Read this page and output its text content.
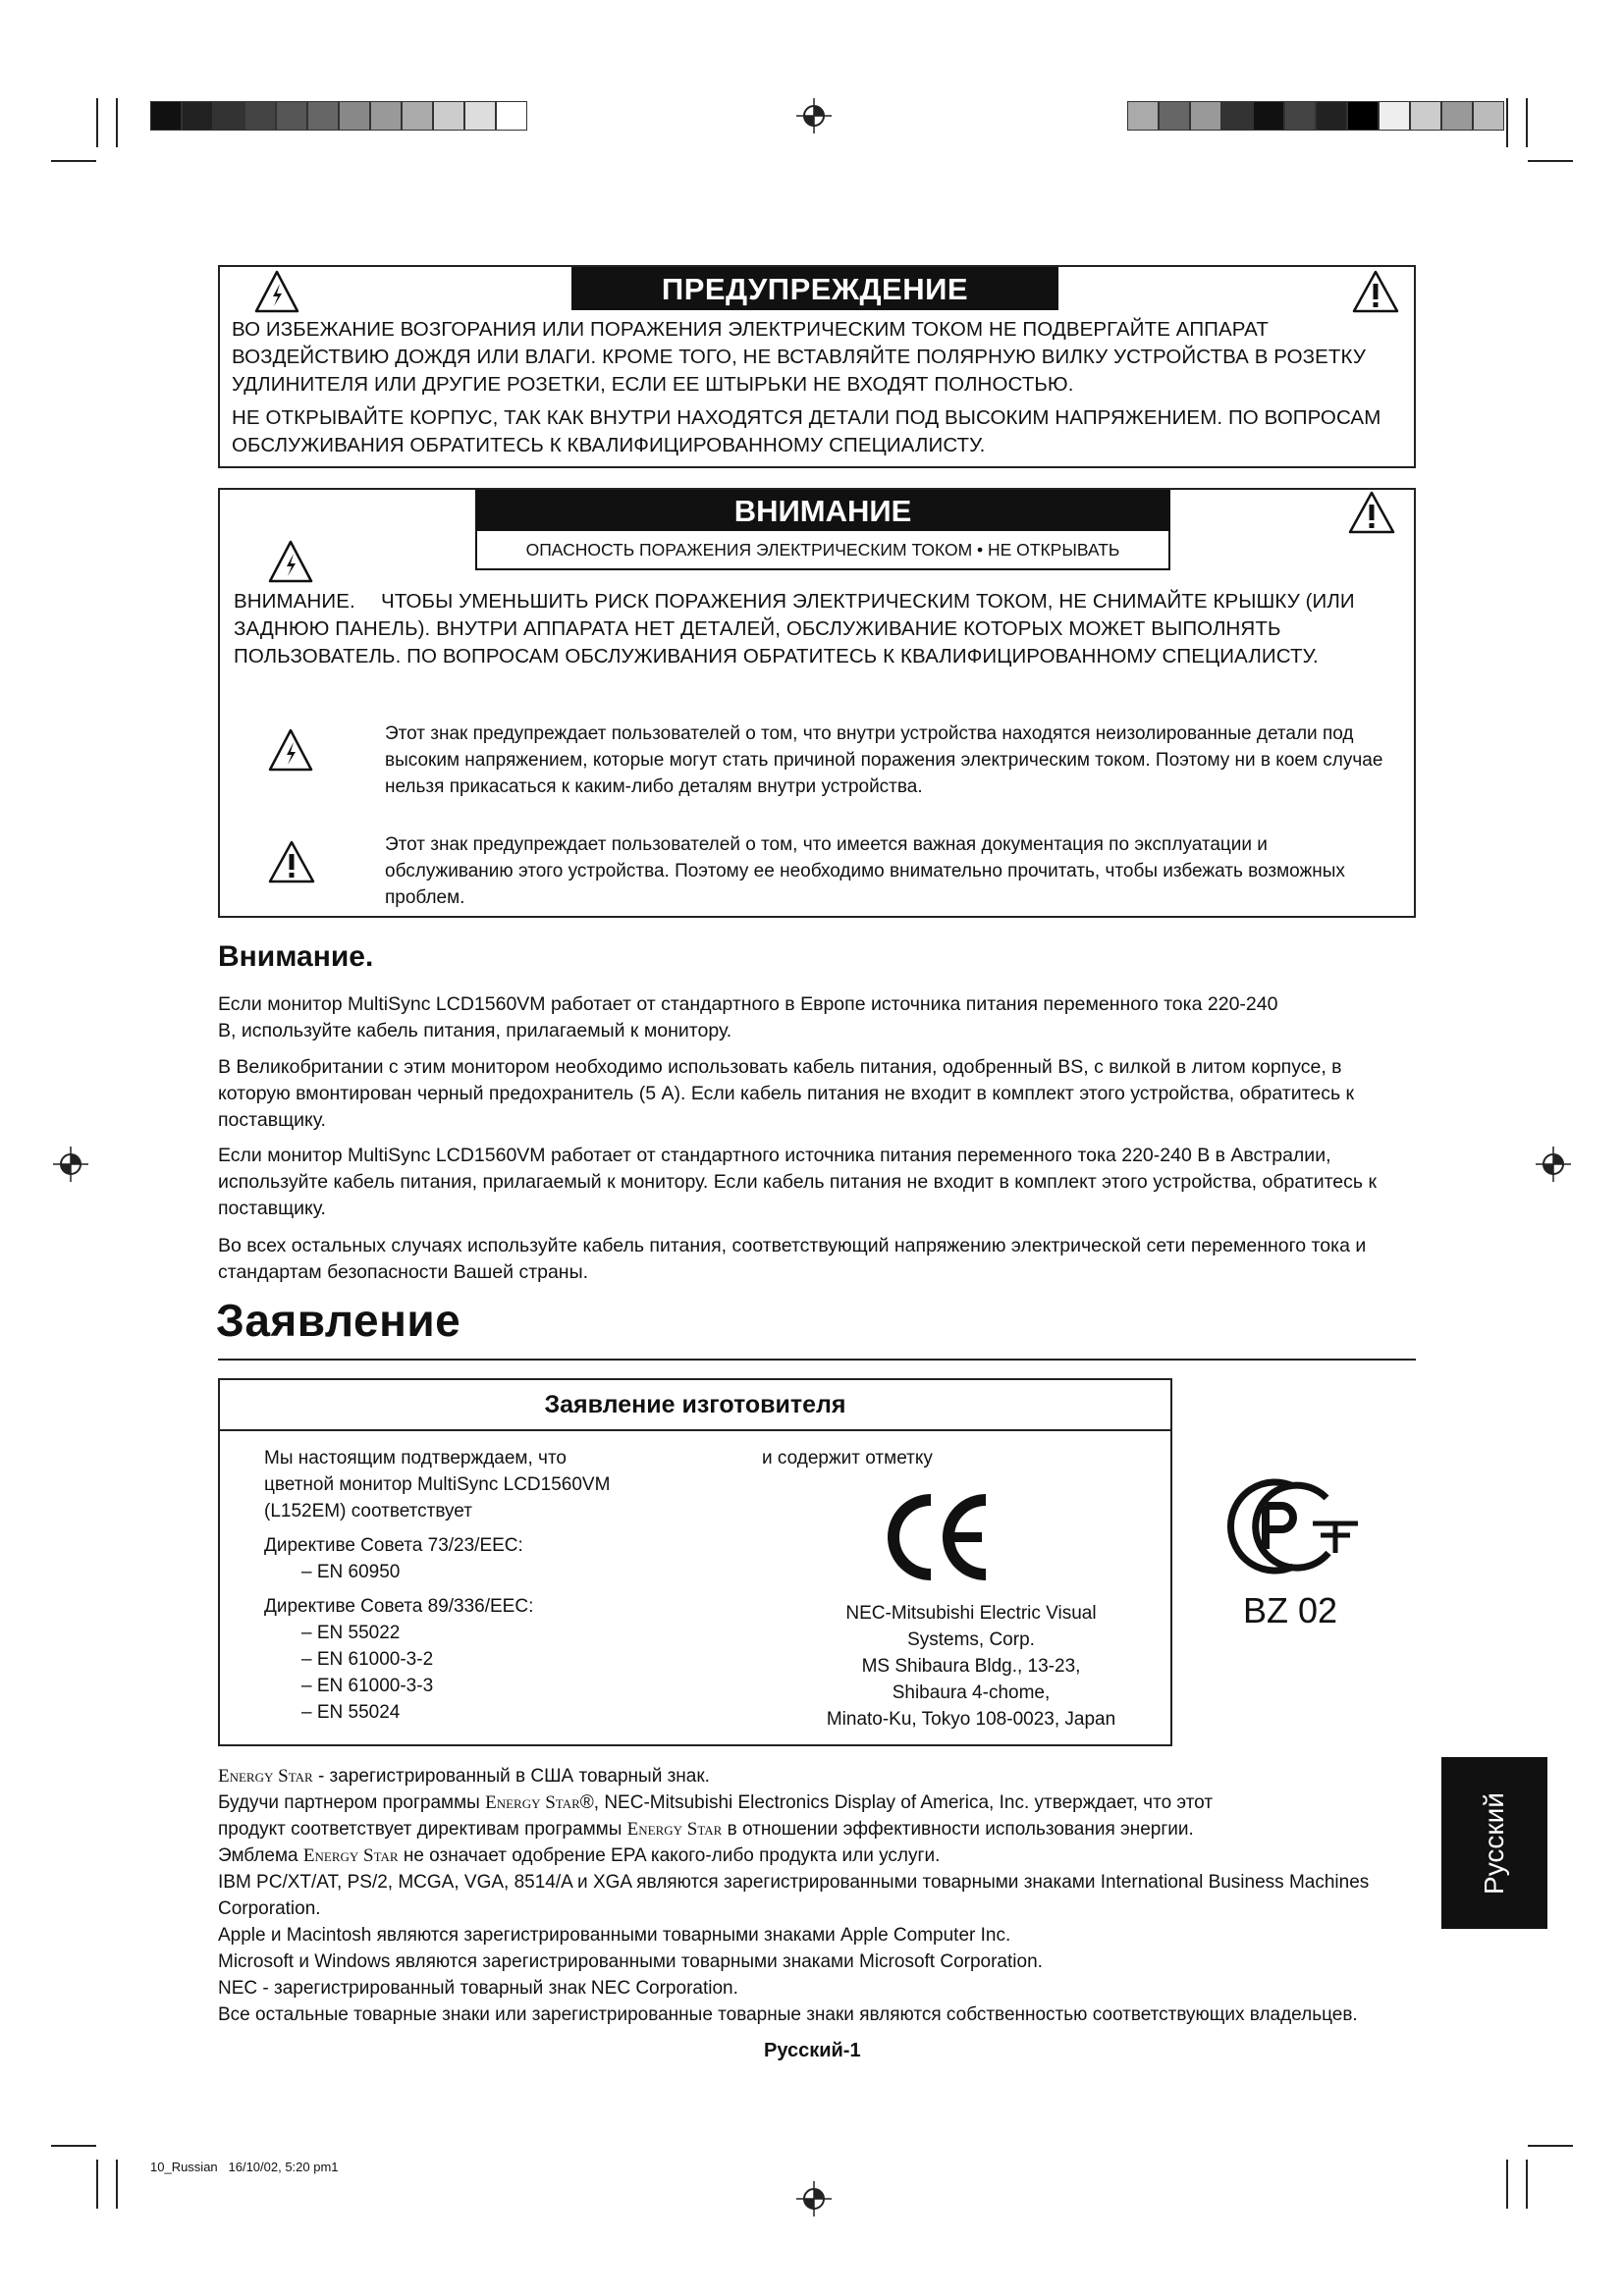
ПРЕДУПРЕЖДЕНИЕ

ВО ИЗБЕЖАНИЕ ВОЗГОРАНИЯ ИЛИ ПОРАЖЕНИЯ ЭЛЕКТРИЧЕСКИМ ТОКОМ НЕ ПОДВЕРГАЙТЕ АППАРАТ ВОЗДЕЙСТВИЮ ДОЖДЯ ИЛИ ВЛАГИ. КРОМЕ ТОГО, НЕ ВСТАВЛЯЙТЕ ПОЛЯРНУЮ ВИЛКУ УСТРОЙСТВА В РОЗЕТКУ УДЛИНИТЕЛЯ ИЛИ ДРУГИЕ РОЗЕТКИ, ЕСЛИ ЕЕ ШТЫРЬКИ НЕ ВХОДЯТ ПОЛНОСТЬЮ.

НЕ ОТКРЫВАЙТЕ КОРПУС, ТАК КАК ВНУТРИ НАХОДЯТСЯ ДЕТАЛИ ПОД ВЫСОКИМ НАПРЯЖЕНИЕМ. ПО ВОПРОСАМ ОБСЛУЖИВАНИЯ ОБРАТИТЕСЬ К КВАЛИФИЦИРОВАННОМУ СПЕЦИАЛИСТУ.

ВНИМАНИЕ
ОПАСНОСТЬ ПОРАЖЕНИЯ ЭЛЕКТРИЧЕСКИМ ТОКОМ • НЕ ОТКРЫВАТЬ
ВНИМАНИЕ.	ЧТОБЫ УМЕНЬШИТЬ РИСК ПОРАЖЕНИЯ ЭЛЕКТРИЧЕСКИМ ТОКОМ, НЕ СНИМАЙТЕ КРЫШКУ (ИЛИ ЗАДНЮЮ ПАНЕЛЬ). ВНУТРИ АППАРАТА НЕТ ДЕТАЛЕЙ, ОБСЛУЖИВАНИЕ КОТОРЫХ МОЖЕТ ВЫПОЛНЯТЬ ПОЛЬЗОВАТЕЛЬ. ПО ВОПРОСАМ ОБСЛУЖИВАНИЯ ОБРАТИТЕСЬ К КВАЛИФИЦИРОВАННОМУ СПЕЦИАЛИСТУ.

Этот знак предупреждает пользователей о том, что внутри устройства находятся неизолированные детали под высоким напряжением, которые могут стать причиной поражения электрическим током. Поэтому ни в коем случае нельзя прикасаться к каким-либо деталям внутри устройства.

Этот знак предупреждает пользователей о том, что имеется важная документация по эксплуатации и обслуживанию этого устройства. Поэтому ее необходимо внимательно прочитать, чтобы избежать возможных проблем.

Внимание.

Если монитор MultiSync LCD1560VM работает от стандартного в Европе источника питания переменного тока 220-240 В, используйте кабель питания, прилагаемый к монитору.

В Великобритании с этим монитором необходимо использовать кабель питания, одобренный BS, с вилкой в литом корпусе, в которую вмонтирован черный предохранитель (5 A). Если кабель питания не входит в комплект этого устройства, обратитесь к поставщику.

Если монитор MultiSync LCD1560VM работает от стандартного источника питания переменного тока 220-240 В в Австралии, используйте кабель питания, прилагаемый к монитору. Если кабель питания не входит в комплект этого устройства, обратитесь к поставщику.

Во всех остальных случаях используйте кабель питания, соответствующий напряжению электрической сети переменного тока и стандартам безопасности Вашей страны.

Заявление
Заявление изготовителя
Мы настоящим подтверждаем, что
цветной монитор MultiSync LCD1560VM
(L152EM) соответствует
Директиве Совета 73/23/EEC:
– EN 60950
Директиве Совета 89/336/EEC:
– EN 55022
– EN 61000-3-2
– EN 61000-3-3
– EN 55024
и содержит отметку
NEC-Mitsubishi Electric Visual
Systems, Corp.
MS Shibaura Bldg., 13-23,
Shibaura 4-chome,
Minato-Ku, Tokyo 108-0023, Japan
BZ 02
Energy Star - зарегистрированный в США товарный знак.
Будучи партнером программы Energy Star®, NEC-Mitsubishi Electronics Display of America, Inc. утверждает, что этот
продукт соответствует директивам программы Energy Star в отношении эффективности использования энергии.
Эмблема Energy Star не означает одобрение EPA какого-либо продукта или услуги.
IBM PC/XT/AT, PS/2, MCGA, VGA, 8514/A и XGA являются зарегистрированными товарными знаками International Business Machines Corporation.
Apple и Macintosh являются зарегистрированными товарными знаками Apple Computer Inc.
Microsoft и Windows являются зарегистрированными товарными знаками Microsoft Corporation.
NEC - зарегистрированный товарный знак NEC Corporation.
Все остальные товарные знаки или зарегистрированные товарные знаки являются собственностью соответствующих владельцев.
Русский-1
10_Russian   16/10/02, 5:20 pm1
Русский
